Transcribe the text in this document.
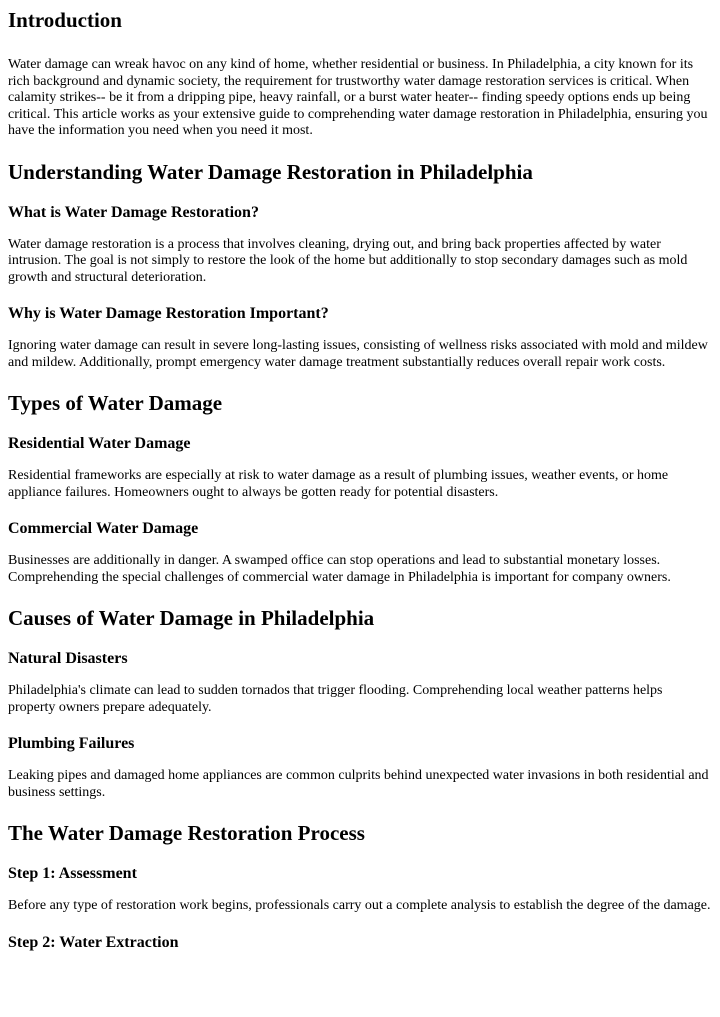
Introduction

Water damage can wreak havoc on any kind of home, whether residential or business. In Philadelphia, a city known for its rich background and dynamic society, the requirement for trustworthy water damage restoration services is critical. When calamity strikes-- be it from a dripping pipe, heavy rainfall, or a burst water heater-- finding speedy options ends up being critical. This article works as your extensive guide to comprehending water damage restoration in Philadelphia, ensuring you have the information you need when you need it most.

Understanding Water Damage Restoration in Philadelphia
What is Water Damage Restoration?

Water damage restoration is a process that involves cleaning, drying out, and bring back properties affected by water intrusion. The goal is not simply to restore the look of the home but additionally to stop secondary damages such as mold growth and structural deterioration.

Why is Water Damage Restoration Important?

Ignoring water damage can result in severe long-lasting issues, consisting of wellness risks associated with mold and mildew and mildew. Additionally, prompt emergency water damage treatment substantially reduces overall repair work costs.

Types of Water Damage
Residential Water Damage

Residential frameworks are especially at risk to water damage as a result of plumbing issues, weather events, or home appliance failures. Homeowners ought to always be gotten ready for potential disasters.

Commercial Water Damage

Businesses are additionally in danger. A swamped office can stop operations and lead to substantial monetary losses. Comprehending the special challenges of commercial water damage in Philadelphia is important for company owners.

Causes of Water Damage in Philadelphia
Natural Disasters

Philadelphia's climate can lead to sudden tornados that trigger flooding. Comprehending local weather patterns helps property owners prepare adequately.

Plumbing Failures

Leaking pipes and damaged home appliances are common culprits behind unexpected water invasions in both residential and business settings.

The Water Damage Restoration Process
Step 1: Assessment

Before any type of restoration work begins, professionals carry out a complete analysis to establish the degree of the damage.

Step 2: Water Extraction
